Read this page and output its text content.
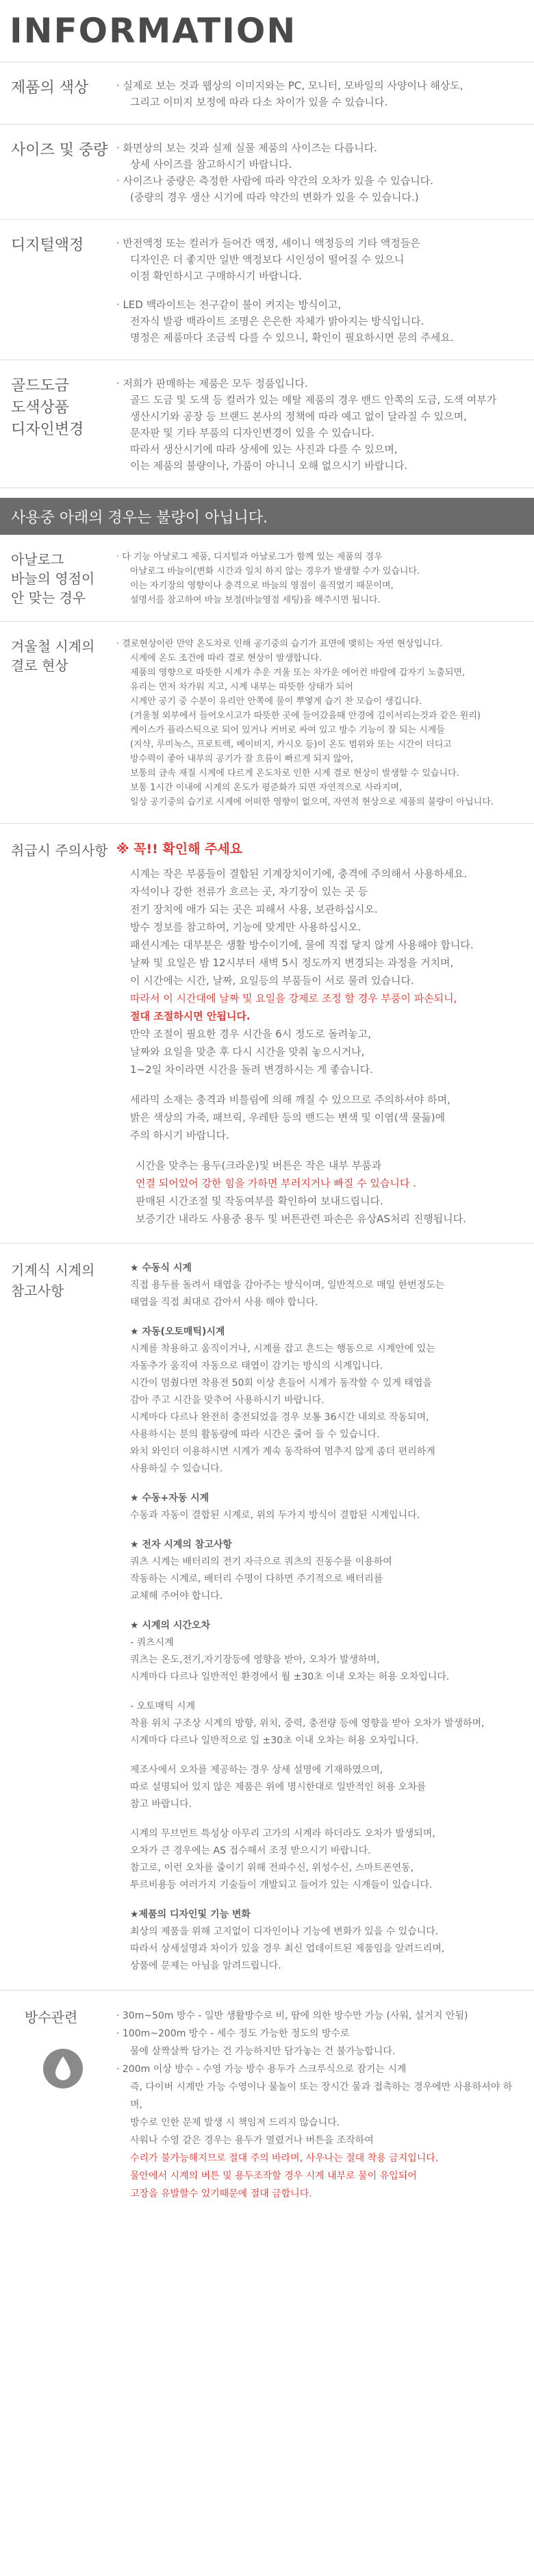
INFORMATION
제품의 색상	· 실제로 보는 것과 웹상의 이미지와는 PC, 모니터, 모바일의 사양이나 해상도,

그리고 이미지 보정에 따라 다소 차이가 있을 수 있습니다.

사이즈 및 중량 · 화면상의 보는 것과 실제 실물 제품의 사이즈는 다릅니다.

상세 사이즈를 참고하시기 바랍니다.

· 사이즈나 중량은 측정한 사람에 따라 약간의 오차가 있을 수 있습니다.

(중량의 경우 생산 시기에 따라 약간의 변화가 있을 수 있습니다.)

디지털액정	· 반전액정 또는 컬러가 들어간 액정, 셰이니 액정등의 기타 액정들은

디자인은 더 좋지만 일반 액정보다 시인성이 떨어질 수 있으니

이점 확인하시고 구매하시기 바랍니다.

· LED 백라이트는 전구같이 불이 켜지는 방식이고,

전자식 발광 백라이트 조명은 은은한 자체가 밝아지는 방식입니다.

명정은 제품마다 조금씩 다를 수 있으니, 확인이 필요하시면 문의 주세요.

골드도금
도색상품
디자인변경

· 저희가 판매하는 제품은 모두 정품입니다.

골드 도금 및 도색 등 컬러가 있는 메탈 제품의 경우 밴드 안쪽의 도금, 도색 여부가

생산시기와 공장 등 브랜드 본사의 정책에 따라 예고 없이 달라질 수 있으며,

문자판 및 기타 부품의 디자인변경이 있을 수 있습니다.

따라서 생산시기에 따라 상세에 있는 사진과 다를 수 있으며,

이는 제품의 불량이나, 가품이 아니니 오해 없으시기 바랍니다.

사용중 아래의 경우는 불량이 아닙니다.
아날로그
바늘의 영점이
안 맞는 경우

· 다 기능 아날로그 제품, 디지털과 아날로그가 함께 있는 제품의 경우

아날로그 바늘이(변화 시간과 일치 하지 않는 경우가 발생할 수가 있습니다.

이는 자기장의 영향이나 충격으로 바늘의 영점이 움직였기 때문이며,

설명서를 참고하여 바늘 보정(바늘영점 세팅)을 해주시면 됩니다.

겨울철 시계의
결로 현상

· 결로현상이란 만약 온도차로 인해 공기중의 습기가 표면에 맺히는 자연 현상입니다.

시계에 온도 조건에 따라 결로 현상이 발생합니다.

제품의 영향으로 따뜻한 시계가 추운 겨울 또는 차가운 에어컨 바람에 갑자기 노출되면,

유리는 먼저 차가워 지고, 시계 내부는 따뜻한 상태가 되어

시계안 공기 중 수분이 유리안 안쪽에 물이 뿌옇게 습기 찬 모습이 생깁니다.

(겨울철 외부에서 들어오시고가 따뜻한 곳에 들어갔을때 안경에 김이서리는것과 같은 원리)

케이스가 플라스틱으로 되어 있거나 커버로 싸여 있고 방수 기능이 잘 되는 시계들

(지샥, 루미녹스, 프로트렉, 베이비지, 카시오 등)이 온도 범위와 또는 시간이 더디고

방수력이 좋아 내부의 공기가 잘 흐름이 빠르게 되지 않아,

보통의 금속 재질 시계에 다르게 온도차로 인한 시계 결로 현상이 발생할 수 있습니다.

보통 1시간 이내에 시계의 온도가 평준화가 되면 자연적으로 사라지며,

일상 공기중의 습기로 시계에 어떠한 영향이 없으며, 자연적 현상으로 제품의 불량이 아닙니다.

취급시 주의사항 ※ 꼭!! 확인해 주세요

시계는 작은 부품들이 결합된 기계장치이기에, 충격에 주의해서 사용하세요.

자석이나 강한 전류가 흐르는 곳, 자기장이 있는 곳 등

전기 장치에 애가 되는 곳은 피해서 사용, 보관하십시오.

방수 정보를 참고하여, 기능에 맞게만 사용하십시오.

패션시계는 대부분은 생활 방수이기에, 물에 직접 닿지 않게 사용해야 합니다.

날짜 및 요일은 밤 12시부터 새벽 5시 정도까지 변경되는 과정을 거치며,

이 시간에는 시간, 날짜, 요일등의 부품들이 서로 물려 있습니다.

따라서 이 시간대에 날짜 및 요일을 강제로 조정 할 경우 부품이 파손되니,

절대 조절하시면 안됩니다.

만약 조절이 필요한 경우 시간을 6시 정도로 돌려놓고,

날짜와 요일을 맞춘 후 다시 시간을 맞춰 놓으시거나,

1~2일 차이라면 시간을 돌려 변경하시는 게 좋습니다.

세라믹 소재는 충격과 비틀림에 의해 깨질 수 있으므로 주의하셔야 하며,

밝은 색상의 가죽, 패브릭, 우레탄 등의 밴드는 변색 및 이염(색 물듦)에

주의 하시기 바랍니다.

시간을 맞추는 용두(크라운)및 버튼은 작은 내부 부품과

연결 되어있어 강한 힘을 가하면 부러지거나 빠질 수 있습니다 .

판매된 시간조절 및 작동여부를 확인하여 보내드립니다.

보증기간 내라도 사용중 용두 및 버튼관련 파손은 유상AS처리 진행됩니다.

기계식 시계의
참고사항

★ 수동식 시계

직접 용두를 돌려서 태엽을 감아주는 방식이며, 일반적으로 매일 한번정도는

태엽을 직접 최대로 감아서 사용 해야 합니다.

★ 자동(오토매틱)시계

시계를 착용하고 움직이거나, 시계를 잡고 흔드는 행동으로 시계안에 있는

자동추가 움직여 자동으로 태엽이 감기는 방식의 시계입니다.

시간이 멈췄다면 착용전 50회 이상 흔들어 시계가 동작할 수 있게 태엽을

감아 주고 시간을 맞추어 사용하시기 바랍니다.

시계마다 다르나 완전히 충전되었을 경우 보통 36시간 내외로 작동되며,

사용하시는 분의 활동량에 따라 시간은 줄어 들 수 있습니다.

와치 와인더 이용하시면 시계가 계속 동작하여 멈추지 않게 좀더 편리하게

사용하실 수 있습니다.

★ 수동+자동 시계

수동과 자동이 결합된 시계로, 위의 두가지 방식이 결합된 시계입니다.

★ 전자 시계의 참고사항

쿼츠 시계는 배터리의 전기 자극으로 쿼츠의 진동수를 이용하여

작동하는 시계로, 배터리 수명이 다하면 주기적으로 배터리를

교체해 주어야 합니다.

★ 시계의 시간오차

- 쿼츠시계

쿼츠는 온도,전기,자기장등에 영향을 받아, 오차가 발생하며,

시계마다 다르나 일반적인 환경에서 월 ±30초 이내 오차는 허용 오차입니다.

- 오토매틱 시계

착용 위치 구조상 시계의 방향, 위치, 중력, 충전량 등에 영향을 받아 오차가 발생하며,

시계마다 다르나 일반적으로 일 ±30초 이내 오차는 허용 오차입니다.

제조사에서 오차를 제공하는 경우 상세 설명에 기재하였으며,

따로 설명되어 있지 않은 제품은 위에 명시한대로 일반적인 허용 오차를

참고 바랍니다.

시계의 무브먼트 특성상 아무리 고가의 시계라 하더라도 오차가 발생되며,

오차가 큰 경우에는 AS 접수해서 조정 받으시기 바랍니다.

참고로, 이런 오차를 줄이기 위해 전파수신, 위성수신, 스마트폰연동,

투르비용등 여러가지 기술들이 개발되고 들어가 있는 시계들이 있습니다.

★제품의 디자인및 기능 변화

최상의 제품을 위해 고지없이 디자인이나 기능에 변화가 있을 수 있습니다.

따라서 상세설명과 차이가 있을 경우 최신 업데이트된 제품임을 알려드리며,

상품에 문제는 아님을 알려드립니다.

방수관련	· 30m~50m 방수 - 일반 생활방수로 비, 땀에 의한 방수만 가능 (사워, 설거지 안됨)

· 100m~200m 방수 - 세수 정도 가능한 정도의 방수로

물에 살짝살짝 담가는 건 가능하지만 담가놓는 건 불가능합니다.

· 200m 이상 방수 - 수영 가능 방수 용두가 스크루식으로 잠기는 시계

즉, 다이버 시계만 가능 수영이나 물놀이 또는 장시간 물과 접촉하는 경우에만 사용하셔야 하며,

방수로 인한 문제 발생 시 책임져 드리지 않습니다.

사워나 수영 같은 경우는 용두가 열렸거나 버튼을 조작하여

수리가 불가능해지므로 절대 주의 바라며, 사우나는 절대 착용 금지입니다.

물안에서 시계의 버튼 및 용두조작할 경우 시계 내부로 물이 유입되어

고장을 유발할수 있기때문에 절대 금합니다.
